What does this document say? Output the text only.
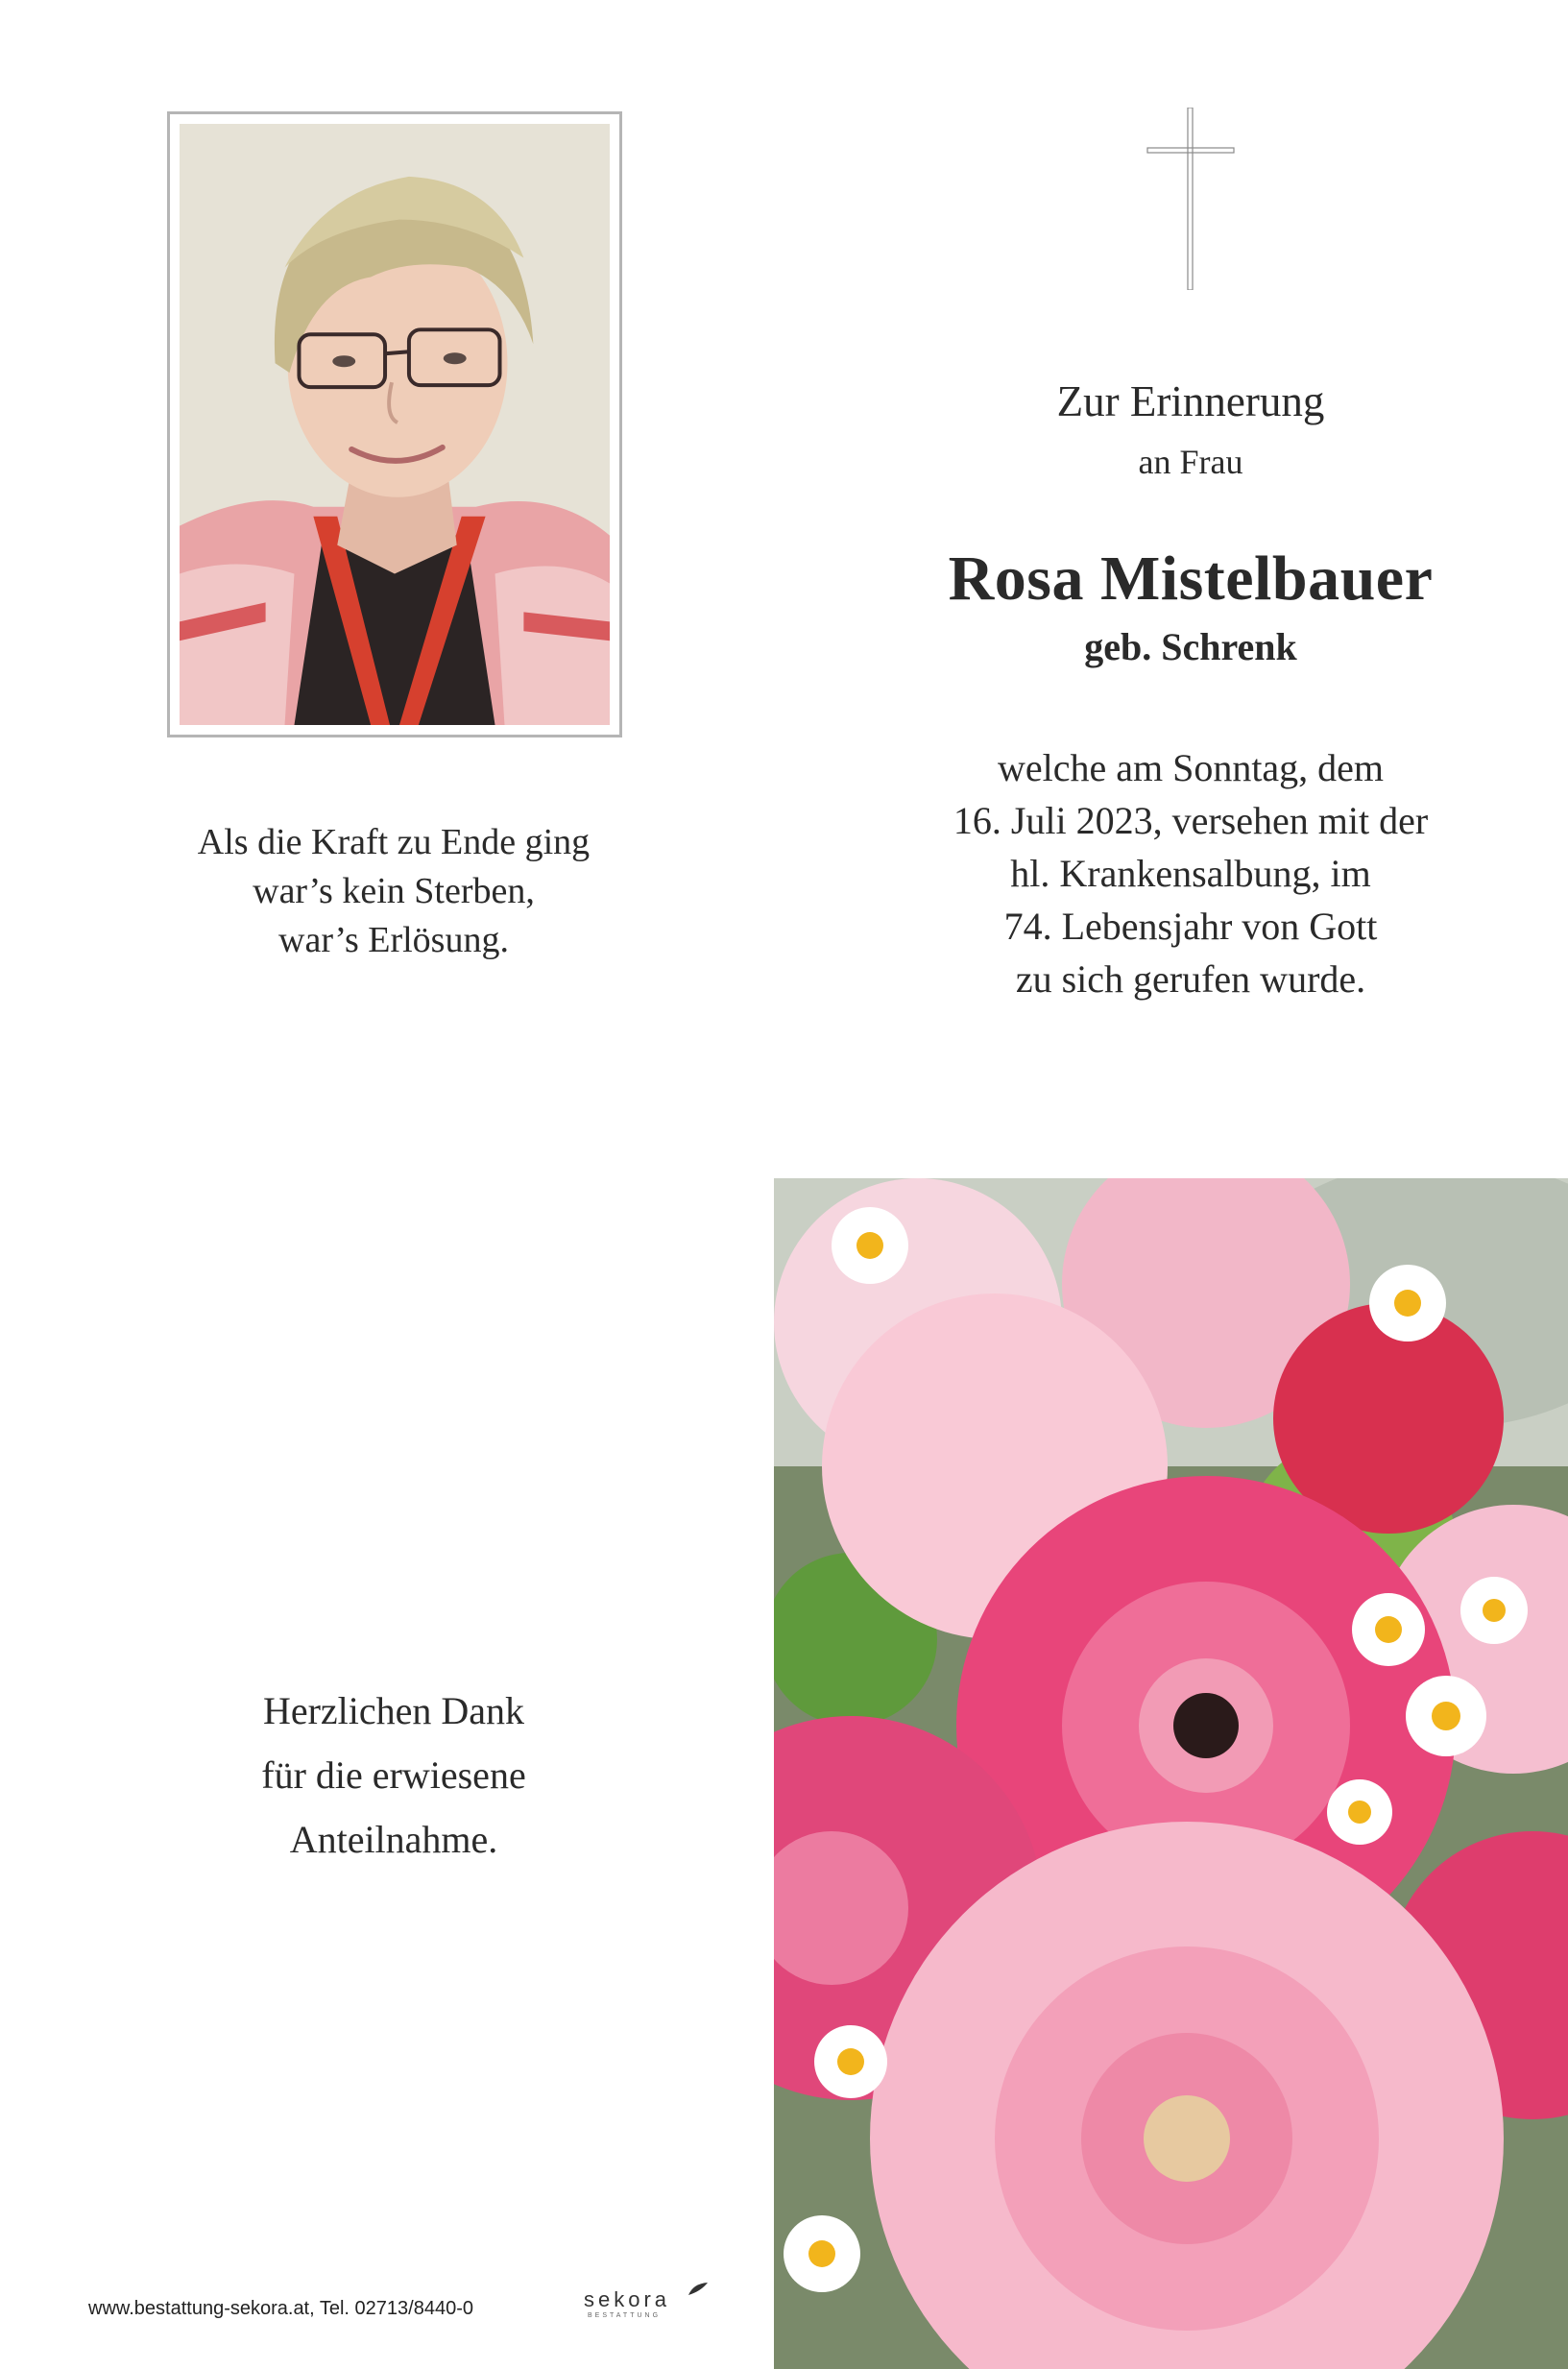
Zur Erinnerung
an Frau
Rosa Mistelbauer
geb. Schrenk
welche am Sonntag, dem
16. Juli 2023, versehen mit der
hl. Krankensalbung, im
74. Lebensjahr von Gott
zu sich gerufen wurde.
Als die Kraft zu Ende ging
war’s kein Sterben,
war’s Erlösung.
Herzlichen Dank
für die erwiesene
Anteilnahme.
www.bestattung-sekora.at, Tel. 02713/8440-0	sekora
BESTATTUNG
